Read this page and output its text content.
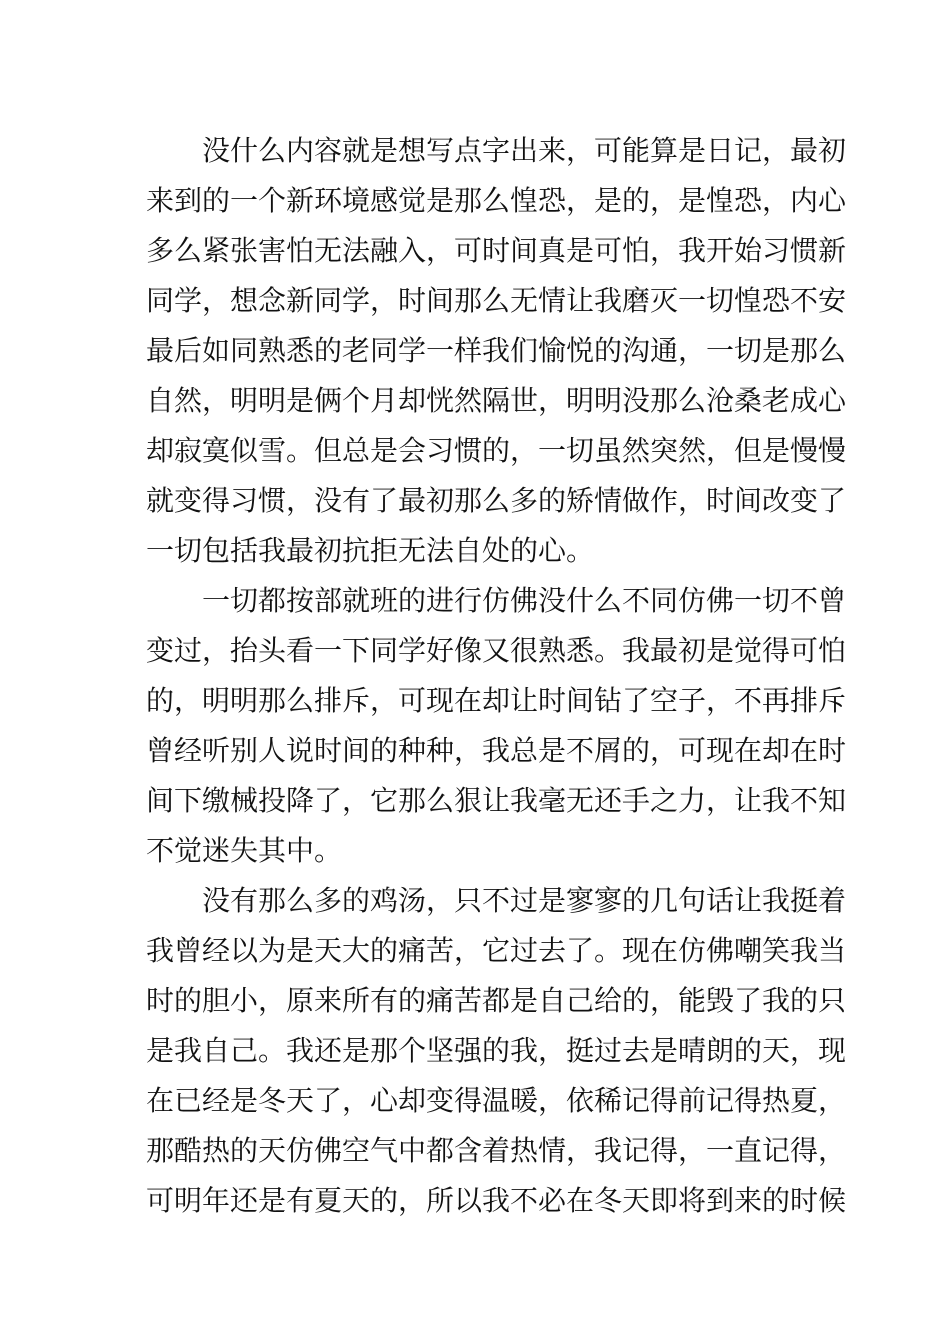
没什么内容就是想写点字出来，可能算是日记，最初
来到的一个新环境感觉是那么惶恐，是的，是惶恐，内心
多么紧张害怕无法融入，可时间真是可怕，我开始习惯新
同学，想念新同学，时间那么无情让我磨灭一切惶恐不安
最后如同熟悉的老同学一样我们愉悦的沟通，一切是那么
自然，明明是俩个月却恍然隔世，明明没那么沧桑老成心
却寂寞似雪。但总是会习惯的，一切虽然突然，但是慢慢
就变得习惯，没有了最初那么多的矫情做作，时间改变了
一切包括我最初抗拒无法自处的心。
一切都按部就班的进行仿佛没什么不同仿佛一切不曾
变过，抬头看一下同学好像又很熟悉。我最初是觉得可怕
的，明明那么排斥，可现在却让时间钻了空子，不再排斥
曾经听别人说时间的种种，我总是不屑的，可现在却在时
间下缴械投降了，它那么狠让我毫无还手之力，让我不知
不觉迷失其中。
没有那么多的鸡汤，只不过是寥寥的几句话让我挺着
我曾经以为是天大的痛苦，它过去了。现在仿佛嘲笑我当
时的胆小，原来所有的痛苦都是自己给的，能毁了我的只
是我自己。我还是那个坚强的我，挺过去是晴朗的天，现
在已经是冬天了，心却变得温暖，依稀记得前记得热夏，
那酷热的天仿佛空气中都含着热情，我记得，一直记得，
可明年还是有夏天的，所以我不必在冬天即将到来的时候
